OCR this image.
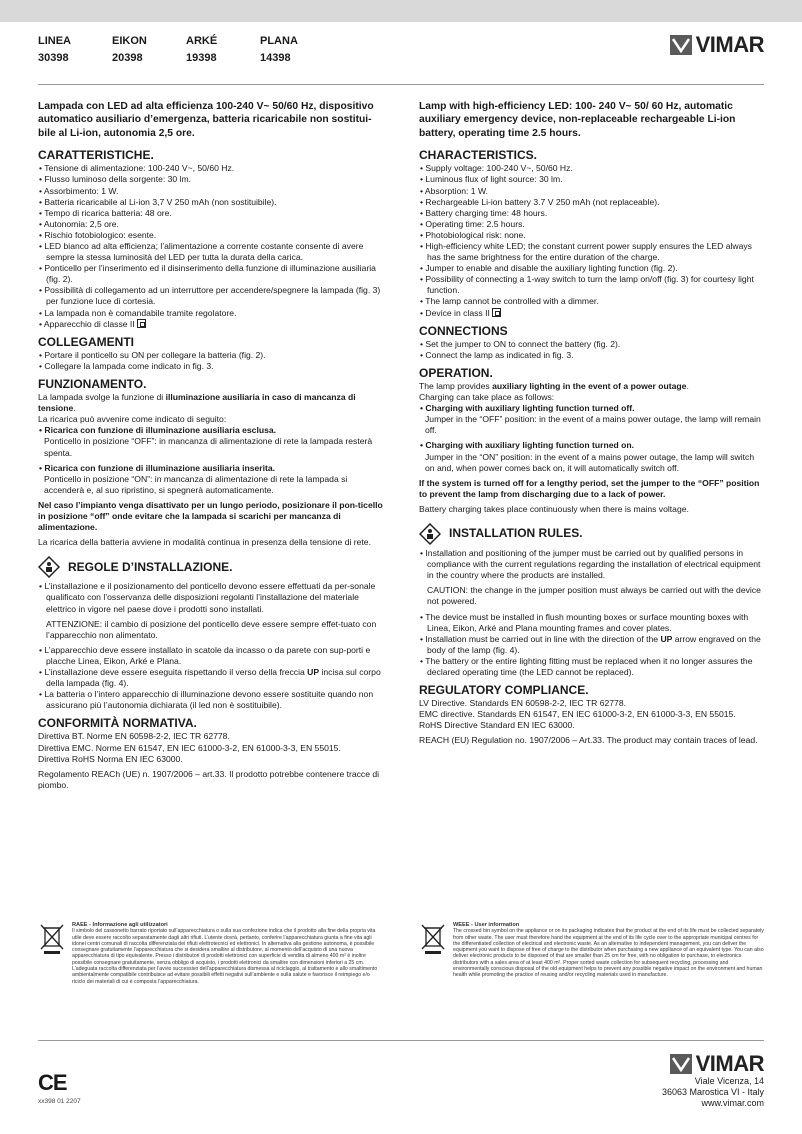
LINEA
30398
EIKON
20398
ARKÉ
19398
PLANA
14398
VIMAR
Lampada con LED ad alta efficienza 100-240 V~ 50/60 Hz, dispositivo automatico ausiliario d’emergenza, batteria ricaricabile non sostitui-bile al Li-ion, autonomia 2,5 ore.
CARATTERISTICHE.
• Tensione di alimentazione: 100-240 V~, 50/60 Hz.
• Flusso luminoso della sorgente: 30 lm.
• Assorbimento: 1 W.
• Batteria ricaricabile al Li-ion 3,7 V 250 mAh (non sostituibile).
• Tempo di ricarica batteria: 48 ore.
• Autonomia: 2,5 ore.
• Rischio fotobiologico: esente.
• LED bianco ad alta efficienza; l’alimentazione a corrente costante consente di avere sempre la stessa luminosità del LED per tutta la durata della carica.
• Ponticello per l’inserimento ed il disinserimento della funzione di illuminazione ausiliaria (fig. 2).
• Possibilità di collegamento ad un interruttore per accendere/spegnere la lampada (fig. 3) per funzione luce di cortesia.
• La lampada non è comandabile tramite regolatore.
• Apparecchio di classe II
COLLEGAMENTI
• Portare il ponticello su ON per collegare la batteria (fig. 2).
• Collegare la lampada come indicato in fig. 3.
FUNZIONAMENTO.
La lampada svolge la funzione di illuminazione ausiliaria in caso di mancanza di tensione.
La ricarica può avvenire come indicato di seguito:
• Ricarica con funzione di illuminazione ausiliaria esclusa.
Ponticello in posizione “OFF”: in mancanza di alimentazione di rete la lampada resterà spenta.
• Ricarica con funzione di illuminazione ausiliaria inserita.
Ponticello in posizione “ON”: in mancanza di alimentazione di rete la lampada si accenderà e, al suo ripristino, si spegnerà automaticamente.
Nel caso l’impianto venga disattivato per un lungo periodo, posizionare il pon-ticello in posizione “off” onde evitare che la lampada si scarichi per mancanza di alimentazione.
La ricarica della batteria avviene in modalità continua in presenza della tensione di rete.
REGOLE D’INSTALLAZIONE.
• L’installazione e il posizionamento del ponticello devono essere effettuati da per-sonale qualificato con l’osservanza delle disposizioni regolanti l’installazione del materiale elettrico in vigore nel paese dove i prodotti sono installati.
ATTENZIONE: il cambio di posizione del ponticello deve essere sempre effet-tuato con l’apparecchio non alimentato.
• L’apparecchio deve essere installato in scatole da incasso o da parete con sup-porti e placche Linea, Eikon, Arké e Plana.
• L’installazione deve essere eseguita rispettando il verso della freccia UP incisa sul corpo della lampada (fig. 4).
• La batteria o l’intero apparecchio di illuminazione devono essere sostituite quando non assicurano più l’autonomia dichiarata (il led non è sostituibile).
CONFORMITÀ NORMATIVA.
Direttiva BT. Norme EN 60598-2-2, IEC TR 62778.
Direttiva EMC. Norme EN 61547, EN IEC 61000-3-2, EN 61000-3-3, EN 55015.
Direttiva RoHS Norma EN IEC 63000.
Regolamento REACh (UE) n. 1907/2006 – art.33. Il prodotto potrebbe contenere tracce di piombo.
Lamp with high-efficiency LED: 100- 240 V~ 50/ 60 Hz, automatic auxiliary emergency device, non-replaceable rechargeable Li-ion battery, operating time 2.5 hours.
CHARACTERISTICS.
• Supply voltage: 100-240 V~, 50/60 Hz.
• Luminous flux of light source: 30 lm.
• Absorption: 1 W.
• Rechargeable Li-ion battery 3.7 V 250 mAh (not replaceable).
• Battery charging time: 48 hours.
• Operating time: 2.5 hours.
• Photobiological risk: none.
• High-efficiency white LED; the constant current power supply ensures the LED always has the same brightness for the entire duration of the charge.
• Jumper to enable and disable the auxiliary lighting function (fig. 2).
• Possibility of connecting a 1-way switch to turn the lamp on/off (fig. 3) for courtesy light function.
• The lamp cannot be controlled with a dimmer.
• Device in class II
CONNECTIONS
• Set the jumper to ON to connect the battery (fig. 2).
• Connect the lamp as indicated in fig. 3.
OPERATION.
The lamp provides auxiliary lighting in the event of a power outage.
Charging can take place as follows:
• Charging with auxiliary lighting function turned off.
Jumper in the “OFF” position: in the event of a mains power outage, the lamp will remain off.
• Charging with auxiliary lighting function turned on.
Jumper in the “ON” position: in the event of a mains power outage, the lamp will switch on and, when power comes back on, it will automatically switch off.
If the system is turned off for a lengthy period, set the jumper to the “OFF” position to prevent the lamp from discharging due to a lack of power.
Battery charging takes place continuously when there is mains voltage.
INSTALLATION RULES.
• Installation and positioning of the jumper must be carried out by qualified persons in compliance with the current regulations regarding the installation of electrical equipment in the country where the products are installed.
CAUTION: the change in the jumper position must always be carried out with the device not powered.
• The device must be installed in flush mounting boxes or surface mounting boxes with Linea, Eikon, Arké and Plana mounting frames and cover plates.
• Installation must be carried out in line with the direction of the UP arrow engraved on the body of the lamp (fig. 4).
• The battery or the entire lighting fitting must be replaced when it no longer assures the declared operating time (the LED cannot be replaced).
REGULATORY COMPLIANCE.
LV Directive. Standards EN 60598-2-2, IEC TR 62778.
EMC directive. Standards EN 61547, EN IEC 61000-3-2, EN 61000-3-3, EN 55015.
RoHS Directive Standard EN IEC 63000.
REACH (EU) Regulation no. 1907/2006 – Art.33. The product may contain traces of lead.
RAEE - Informazione agli utilizzatori
Il simbolo del cassonetto barrato riportato sull’apparecchiatura o sulla sua confezione indica che il prodotto alla fine della propria vita utile deve essere raccolto separatamente dagli altri rifiuti. L’utente dovrà, pertanto, conferire l’apparecchiatura giunta a fine vita agli idonei centri comunali di raccolta differenziata dei rifiuti elettrotecnici ed elettronici. In alternativa alla gestione autonoma, è possibile consegnare gratuitamente l’apparecchiatura che si desidera smaltire al distributore, al momento dell’acquisto di una nuova apparecchiatura di tipo equivalente. Presso i distributori di prodotti elettronici con superficie di vendita di almeno 400 m² è inoltre possibile consegnare gratuitamente, senza obbligo di acquisto, i prodotti elettronici da smaltire con dimensioni inferiori a 25 cm. L’adeguata raccolta differenziata per l’avvio successivo dell’apparecchiatura dismessa al riciclaggio, al trattamento e allo smaltimento ambientalmente compatibile contribuisce ad evitare possibili effetti negativi sull’ambiente e sulla salute e favorisce il reimpiego e/o riciclo dei materiali di cui è composta l’apparecchiatura.
WEEE - User information
The crossed bin symbol on the appliance or on its packaging indicates that the product at the end of its life must be collected separately from other waste. The user must therefore hand the equipment at the end of its life cycle over to the appropriate municipal centres for the differentiated collection of electrical and electronic waste. As an alternative to independent management, you can deliver the equipment you want to dispose of free of charge to the distributor when purchasing a new appliance of an equivalent type. You can also deliver electronic products to be disposed of that are smaller than 25 cm for free, with no obligation to purchase, to electronics distributors with a sales area of at least 400 m². Proper sorted waste collection for subsequent recycling, processing and environmentally conscious disposal of the old equipment helps to prevent any possible negative impact on the environment and human health while promoting the practice of reusing and/or recycling materials used in manufacture.
CE
xx398 01 2207
VIMAR
Viale Vicenza, 14
36063 Marostica VI - Italy
www.vimar.com
